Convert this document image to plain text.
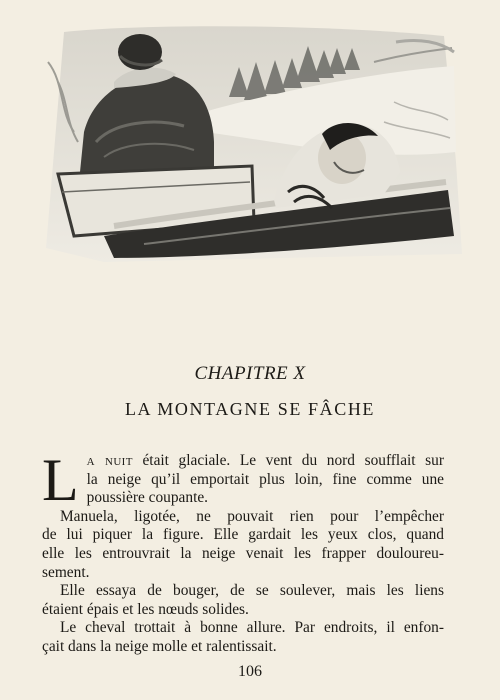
CHAPITRE X
LA MONTAGNE SE FÂCHE
L a nuit était glaciale. Le vent du nord soufflait sur
la neige qu’il emportait plus loin, fine comme une
poussière coupante.
Manuela, ligotée, ne pouvait rien pour l’empêcher
de lui piquer la figure. Elle gardait les yeux clos, quand
elle les entrouvrait la neige venait les frapper douloureu-
sement.
Elle essaya de bouger, de se soulever, mais les liens
étaient épais et les nœuds solides.
Le cheval trottait à bonne allure. Par endroits, il enfon-
çait dans la neige molle et ralentissait.
106
